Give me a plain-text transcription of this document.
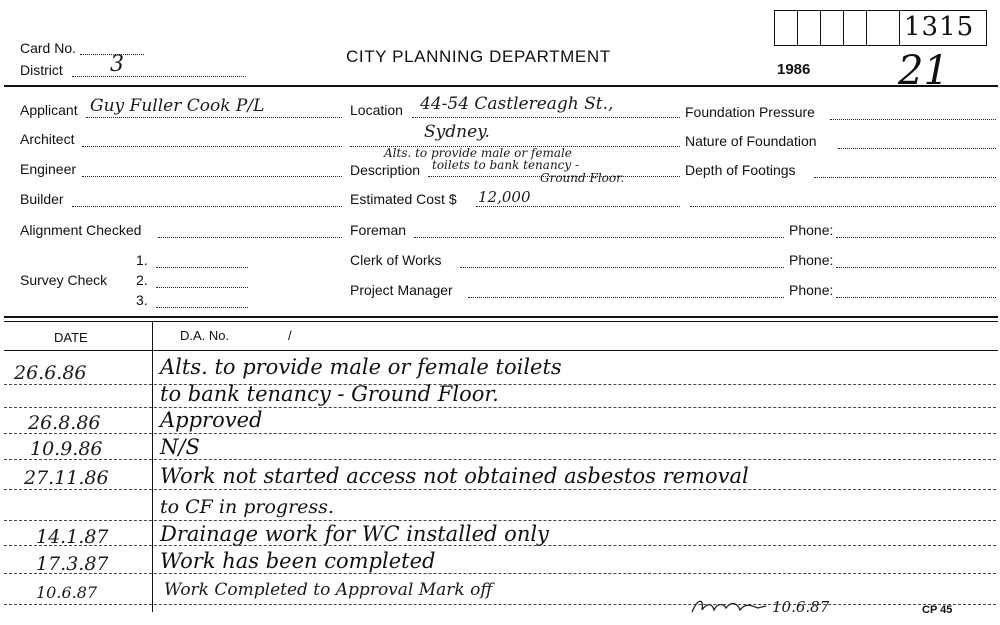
1315
Card No.
District 3	CITY PLANNING DEPARTMENT
1986 21
Applicant Guy Fuller Cook P/L
Architect
Engineer
Builder
Alignment Checked
Survey Check
1.
2.
3.
Location 44-54 Castlereagh St.,
Sydney.
Alts. to provide male or female
Description toilets to bank tenancy -
Ground Floor.
Estimated Cost $ 12,000
Foreman
Clerk of Works
Project Manager
Foundation Pressure
Nature of Foundation
Depth of Footings
Phone:
Phone:
Phone:
DATE	D.A. No.	/
26.6.86	Alts. to provide male or female toilets
to bank tenancy - Ground Floor.
26.8.86	Approved
10.9.86	N/S
27.11.86 Work not started access not obtained asbestos removal
to CF in progress.
14.1.87 Drainage work for WC installed only
17.3.87 Work has been completed
10.6.87	Work Completed to Approval Mark off
10.6.87	CP 45
